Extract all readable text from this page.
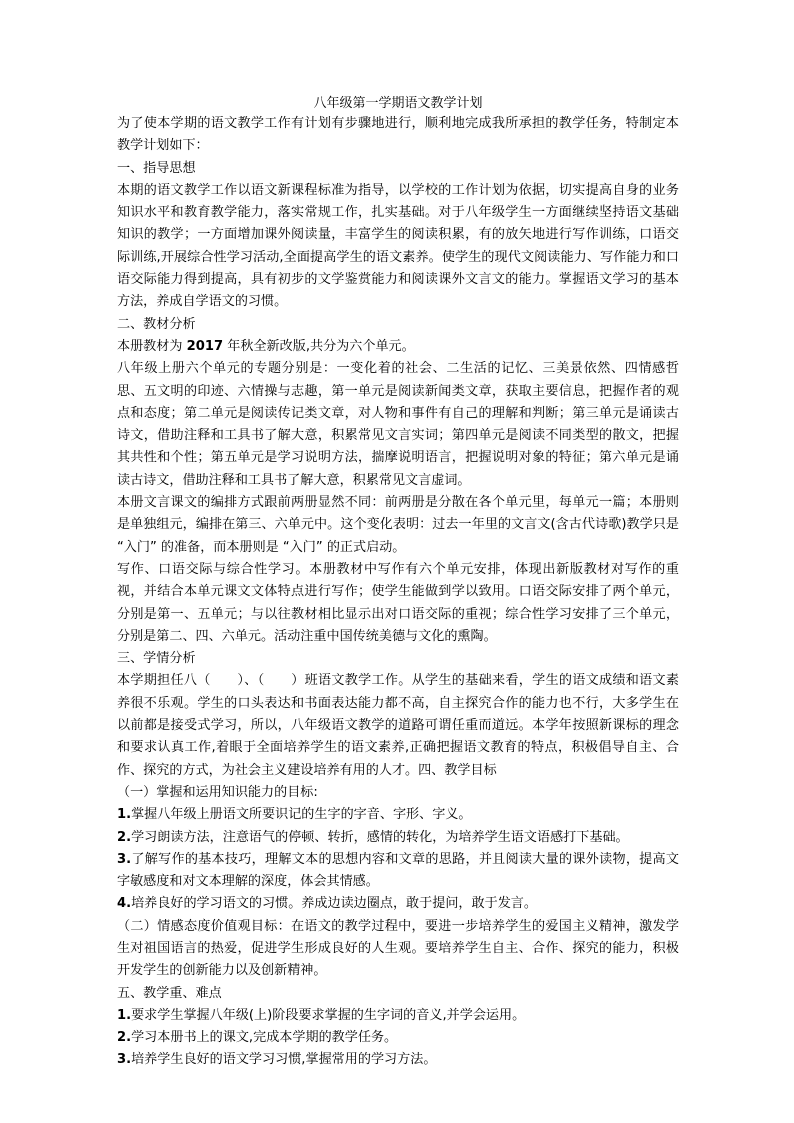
八年级第一学期语文教学计划

为了使本学期的语文教学工作有计划有步骤地进行，顺利地完成我所承担的教学任务，特制定本教学计划如下：

一、指导思想

本期的语文教学工作以语文新课程标准为指导，以学校的工作计划为依据，切实提高自身的业务知识水平和教育教学能力，落实常规工作，扎实基础。对于八年级学生一方面继续坚持语文基础知识的教学；一方面增加课外阅读量，丰富学生的阅读积累，有的放矢地进行写作训练，口语交际训练,开展综合性学习活动,全面提高学生的语文素养。使学生的现代文阅读能力、写作能力和口语交际能力得到提高，具有初步的文学鉴赏能力和阅读课外文言文的能力。掌握语文学习的基本方法，养成自学语文的习惯。

二、教材分析

本册教材为 2017 年秋全新改版,共分为六个单元。

八年级上册六个单元的专题分别是：一变化着的社会、二生活的记忆、三美景依然、四情感哲思、五文明的印迹、六情操与志趣，第一单元是阅读新闻类文章，获取主要信息，把握作者的观点和态度；第二单元是阅读传记类文章，对人物和事件有自己的理解和判断；第三单元是诵读古诗文，借助注释和工具书了解大意，积累常见文言实词；第四单元是阅读不同类型的散文，把握其共性和个性；第五单元是学习说明方法，揣摩说明语言，把握说明对象的特征；第六单元是诵读古诗文，借助注释和工具书了解大意，积累常见文言虚词。

本册文言课文的编排方式跟前两册显然不同：前两册是分散在各个单元里，每单元一篇；本册则是单独组元，编排在第三、六单元中。这个变化表明：过去一年里的文言文(含古代诗歌)教学只是 “入门” 的准备，而本册则是 “入门” 的正式启动。

写作、口语交际与综合性学习。本册教材中写作有六个单元安排，体现出新版教材对写作的重视，并结合本单元课文文体特点进行写作；使学生能做到学以致用。口语交际安排了两个单元，分别是第一、五单元；与以往教材相比显示出对口语交际的重视；综合性学习安排了三个单元，分别是第二、四、六单元。活动注重中国传统美德与文化的熏陶。

三、学情分析

本学期担任八（　　）、（　　）班语文教学工作。从学生的基础来看，学生的语文成绩和语文素养很不乐观。学生的口头表达和书面表达能力都不高，自主探究合作的能力也不行，大多学生在以前都是接受式学习，所以，八年级语文教学的道路可谓任重而道远。本学年按照新课标的理念和要求认真工作,着眼于全面培养学生的语文素养,正确把握语文教育的特点，积极倡导自主、合作、探究的方式，为社会主义建设培养有用的人才。四、教学目标

（一）掌握和运用知识能力的目标:

1.掌握八年级上册语文所要识记的生字的字音、字形、字义。

2.学习朗读方法，注意语气的停顿、转折，感情的转化，为培养学生语文语感打下基础。

3.了解写作的基本技巧，理解文本的思想内容和文章的思路，并且阅读大量的课外读物，提高文字敏感度和对文本理解的深度，体会其情感。

4.培养良好的学习语文的习惯。养成边读边圈点，敢于提问，敢于发言。

（二）情感态度价值观目标：在语文的教学过程中，要进一步培养学生的爱国主义精神，激发学生对祖国语言的热爱，促进学生形成良好的人生观。要培养学生自主、合作、探究的能力，积极开发学生的创新能力以及创新精神。

五、教学重、难点

1.要求学生掌握八年级(上)阶段要求掌握的生字词的音义,并学会运用。

2.学习本册书上的课文,完成本学期的教学任务。

3.培养学生良好的语文学习习惯,掌握常用的学习方法。
